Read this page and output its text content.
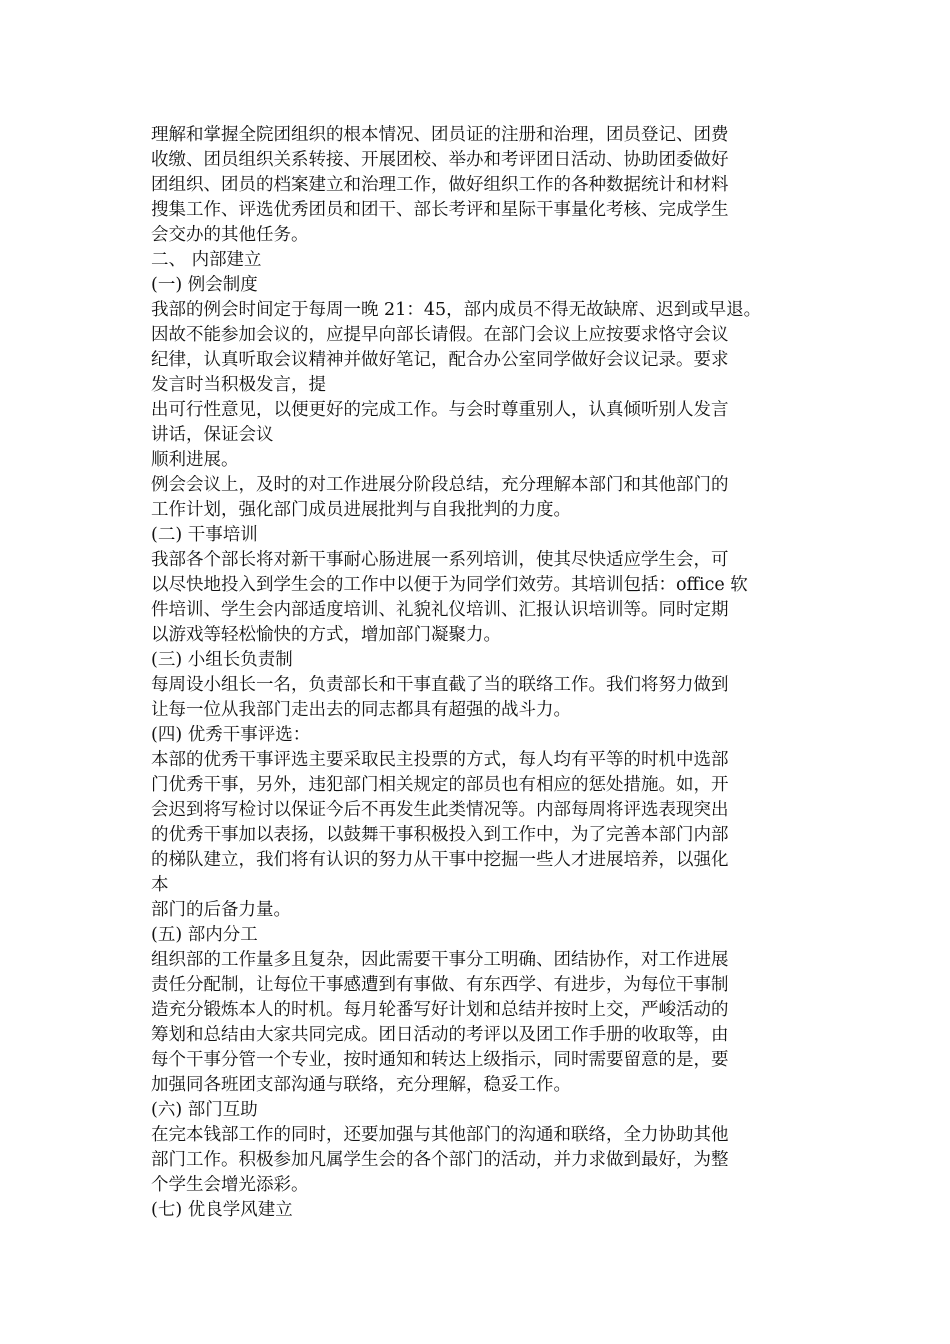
理解和掌握全院团组织的根本情况、团员证的注册和治理，团员登记、团费
收缴、团员组织关系转接、开展团校、举办和考评团日活动、协助团委做好
团组织、团员的档案建立和治理工作，做好组织工作的各种数据统计和材料
搜集工作、评选优秀团员和团干、部长考评和星际干事量化考核、完成学生
会交办的其他任务。
二、 内部建立
(一) 例会制度
我部的例会时间定于每周一晚 21：45，部内成员不得无故缺席、迟到或早退。
因故不能参加会议的，应提早向部长请假。在部门会议上应按要求恪守会议
纪律，认真听取会议精神并做好笔记，配合办公室同学做好会议记录。要求
发言时当积极发言，提
出可行性意见，以便更好的完成工作。与会时尊重别人，认真倾听别人发言
讲话，保证会议
顺利进展。
例会会议上，及时的对工作进展分阶段总结，充分理解本部门和其他部门的
工作计划，强化部门成员进展批判与自我批判的力度。
(二) 干事培训
我部各个部长将对新干事耐心肠进展一系列培训，使其尽快适应学生会，可
以尽快地投入到学生会的工作中以便于为同学们效劳。其培训包括：office 软
件培训、学生会内部适度培训、礼貌礼仪培训、汇报认识培训等。同时定期
以游戏等轻松愉快的方式，增加部门凝聚力。
(三) 小组长负责制
每周设小组长一名，负责部长和干事直截了当的联络工作。我们将努力做到
让每一位从我部门走出去的同志都具有超强的战斗力。
(四) 优秀干事评选：
本部的优秀干事评选主要采取民主投票的方式，每人均有平等的时机中选部
门优秀干事，另外，违犯部门相关规定的部员也有相应的惩处措施。如，开
会迟到将写检讨以保证今后不再发生此类情况等。内部每周将评选表现突出
的优秀干事加以表扬，以鼓舞干事积极投入到工作中，为了完善本部门内部
的梯队建立，我们将有认识的努力从干事中挖掘一些人才进展培养，以强化
本
部门的后备力量。
(五) 部内分工
组织部的工作量多且复杂，因此需要干事分工明确、团结协作，对工作进展
责任分配制，让每位干事感遭到有事做、有东西学、有进步，为每位干事制
造充分锻炼本人的时机。每月轮番写好计划和总结并按时上交，严峻活动的
筹划和总结由大家共同完成。团日活动的考评以及团工作手册的收取等，由
每个干事分管一个专业，按时通知和转达上级指示，同时需要留意的是，要
加强同各班团支部沟通与联络，充分理解，稳妥工作。
(六) 部门互助
在完本钱部工作的同时，还要加强与其他部门的沟通和联络，全力协助其他
部门工作。积极参加凡属学生会的各个部门的活动，并力求做到最好，为整
个学生会增光添彩。
(七) 优良学风建立
